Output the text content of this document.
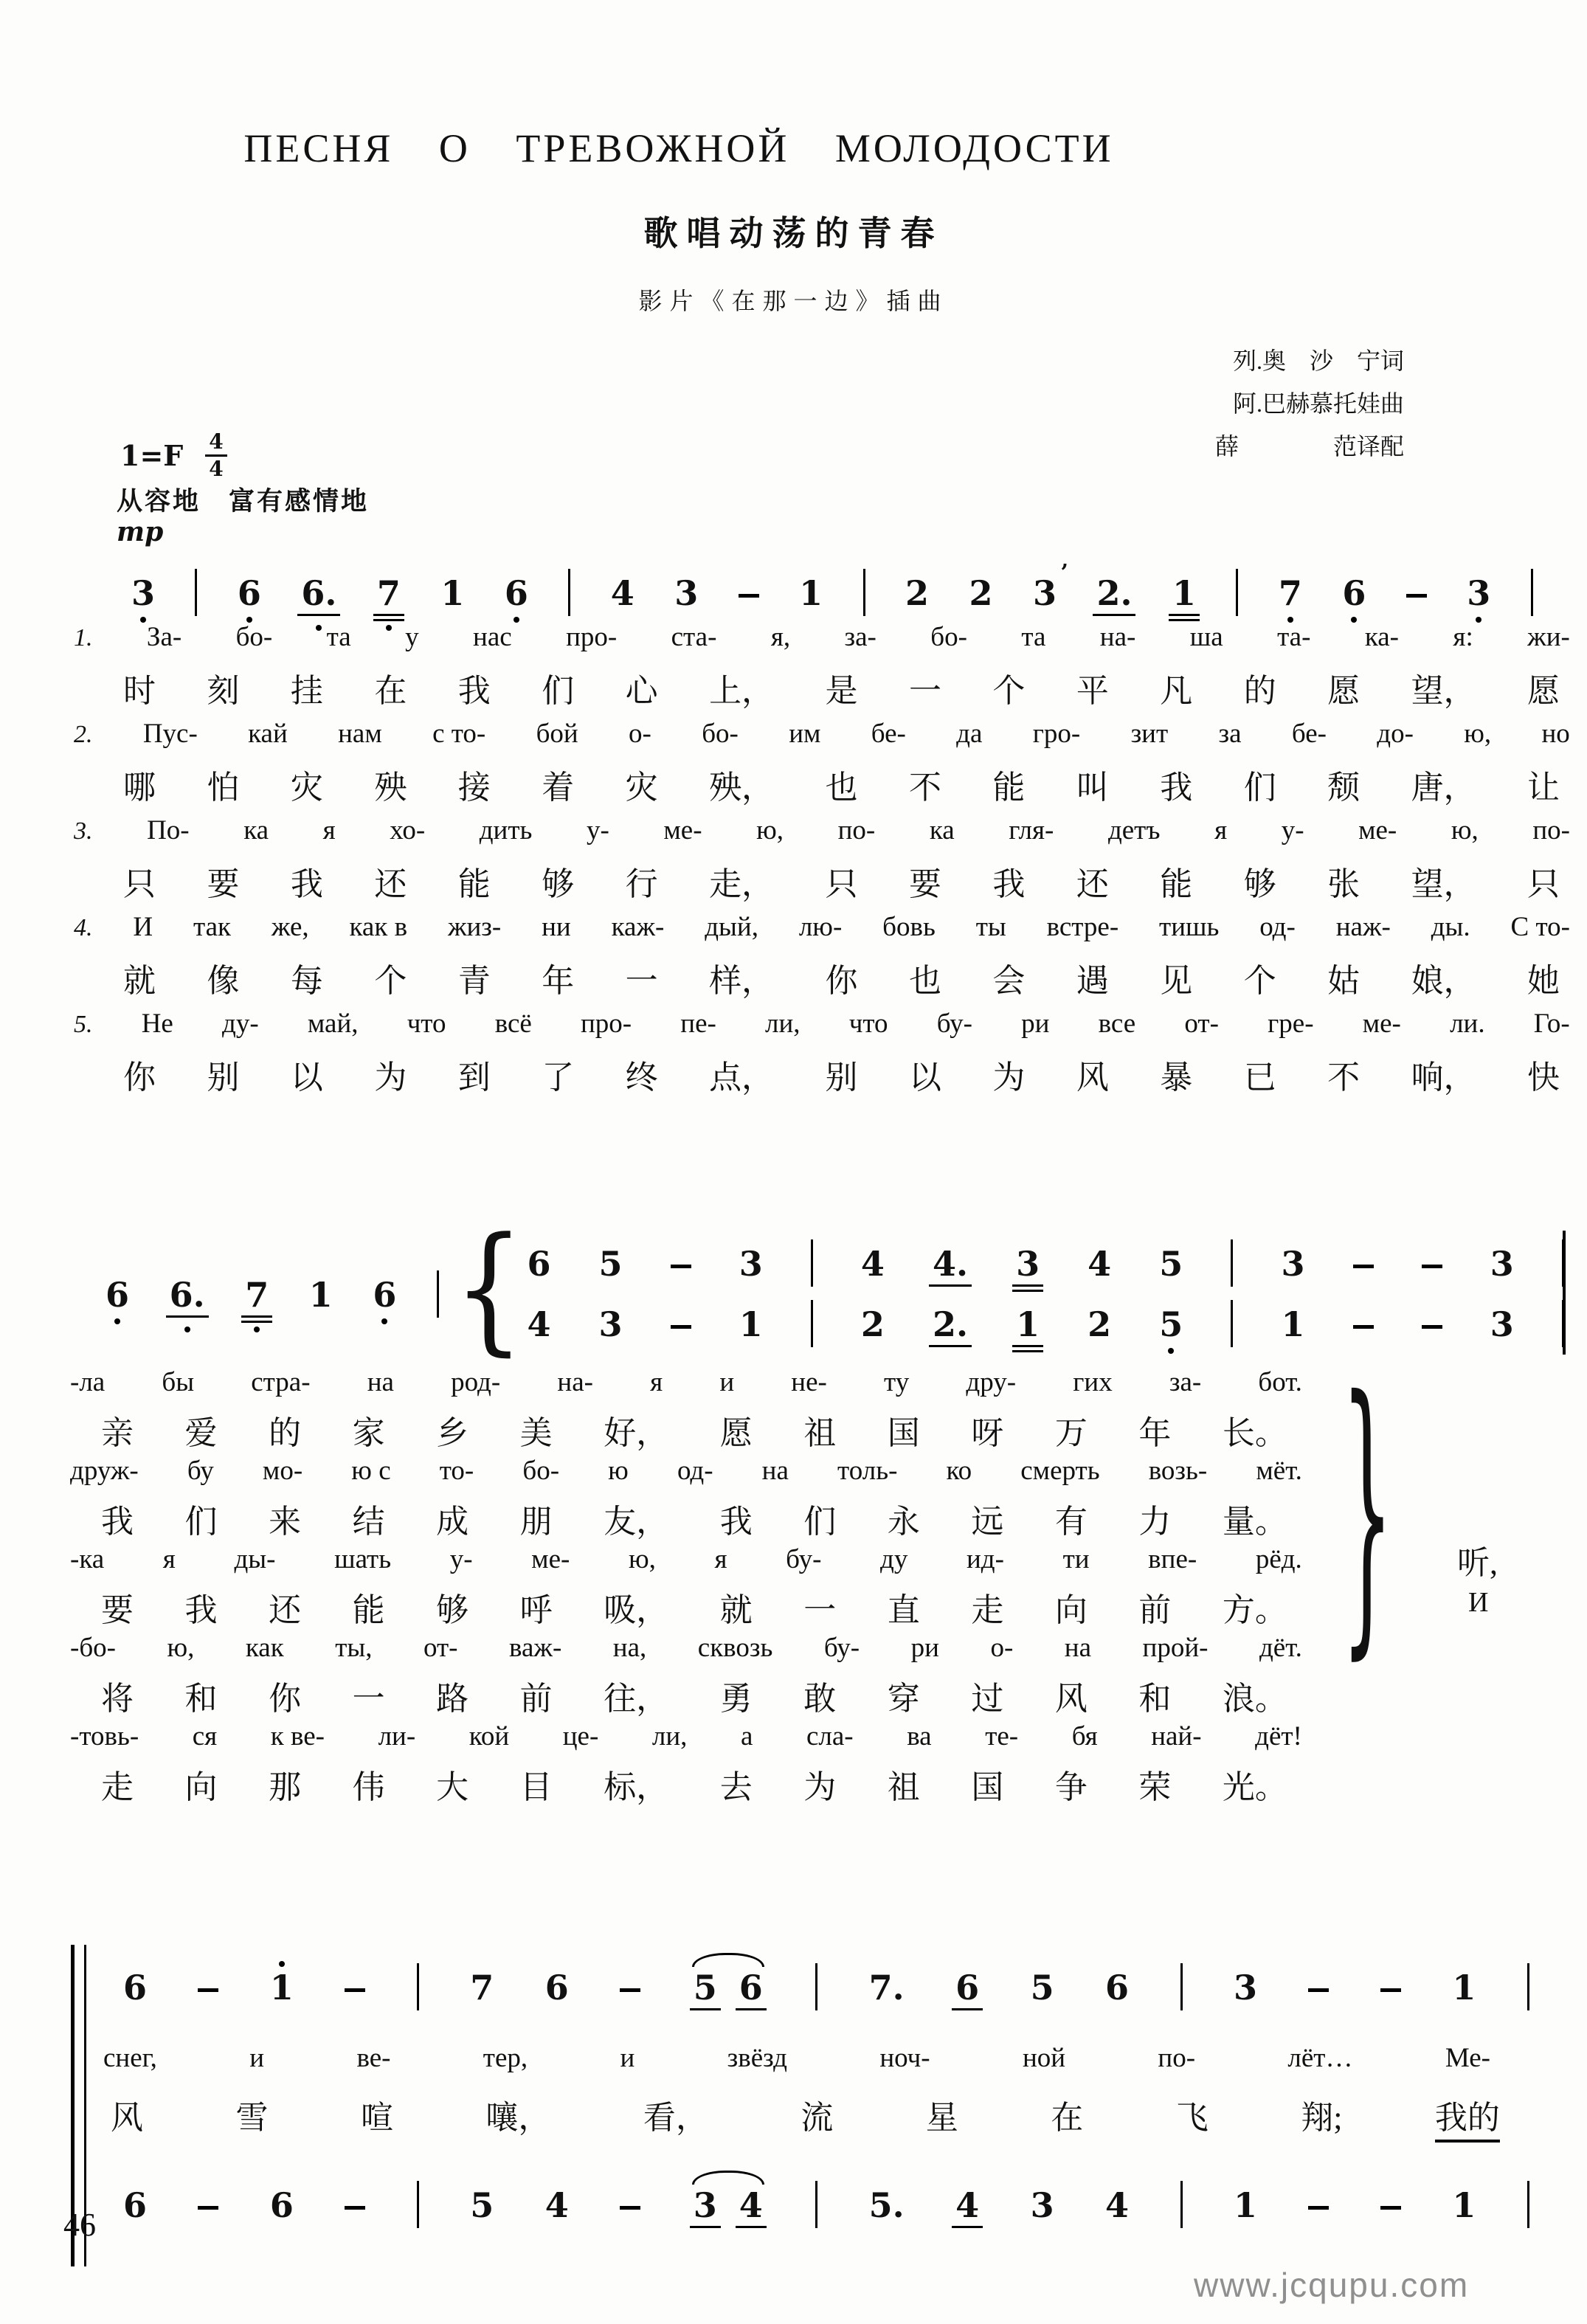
ПЕСНЯ О ТРЕВОЖНОЙ МОЛОДОСТИ
歌唱动荡的青春
影片《在那一边》插曲
列.奥　沙　宁词
阿.巴赫慕托娃曲
薛　　　　范译配
$1=F \frac{4}{4}$
从容地　富有感情地
mp
3 6 6. 7 1 6 4 3	1 2 2 3
’
2. 1 7 6	3
1. За- бо- та у нас про- ста- я, за- бо- та на- ша та- ка- я: жи-
时 刻 挂 在 我 们 心 上， 是 一 个 平 凡 的 愿 望， 愿
2. Пус- кай нам с то- бой о- бо- им бе- да гро- зит за бе- до- ю, но
哪 怕 灾 殃 接 着 灾 殃， 也 不 能 叫 我 们 颓 唐， 让
3. По- ка я хо- дить у- ме- ю, по- ка гля- детъ я у- ме- ю, по-
只 要 我 还 能 够 行 走， 只 要 我 还 能 够 张 望， 只
4. И так же, как в жиз- ни каж- дый, лю- бовь ты встре- тишь од- наж- ды. С то-
就 像 每 个 青 年 一 样， 你 也 会 遇 见 个 姑 娘， 她
5. Не ду- май, что всё про- пе- ли, что бу- ри все от- гре- ме- ли. Го-
你 别 以 为 到 了 终 点， 别 以 为 风 暴 已 不 响， 快
6 6. 7 1 6 { 6 5	3	4 4. 3 4 5	3	3
4 3	1	2 2. 1 2 5	1	3
-ла бы стра- на род- на- я и не- ту дру- гих за- бот.
亲 爱 的 家 乡 美 好， 愿 祖 国 呀 万 年 长。
друж- бу мо- ю с то- бо- ю од- на толь- ко смерть возь- мёт.
我 们 来 结 成 朋 友， 我 们 永 远 有 力 量。
-ка я ды- шать у- ме- ю, я бу- ду ид- ти впе- рёд.
要 我 还 能 够 呼 吸， 就 一 直 走 向 前 方。
-бо- ю, как ты, от- важ- на, сквозь бу- ри о- на прой- дёт.
将 和 你 一 路 前 往， 勇 敢 穿 过 风 和 浪。
-товь- ся к ве- ли- кой це- ли, а сла- ва те- бя най- дёт!
走 向 那 伟 大 目 标， 去 为 祖 国 争 荣 光。
} 听,
И
6	1	7 6	5 6	7. 6 5 6	3	1
снег,	и	ве-	тер,	и	звёзд	ноч-	ной	по-	лёт…	Ме-
风	雪	喧	嚷，	看，	流	星	在	飞	翔;	我的
6	6	5 4	3 4	5. 4 3 4	1	1
46
www.jcqupu.com
